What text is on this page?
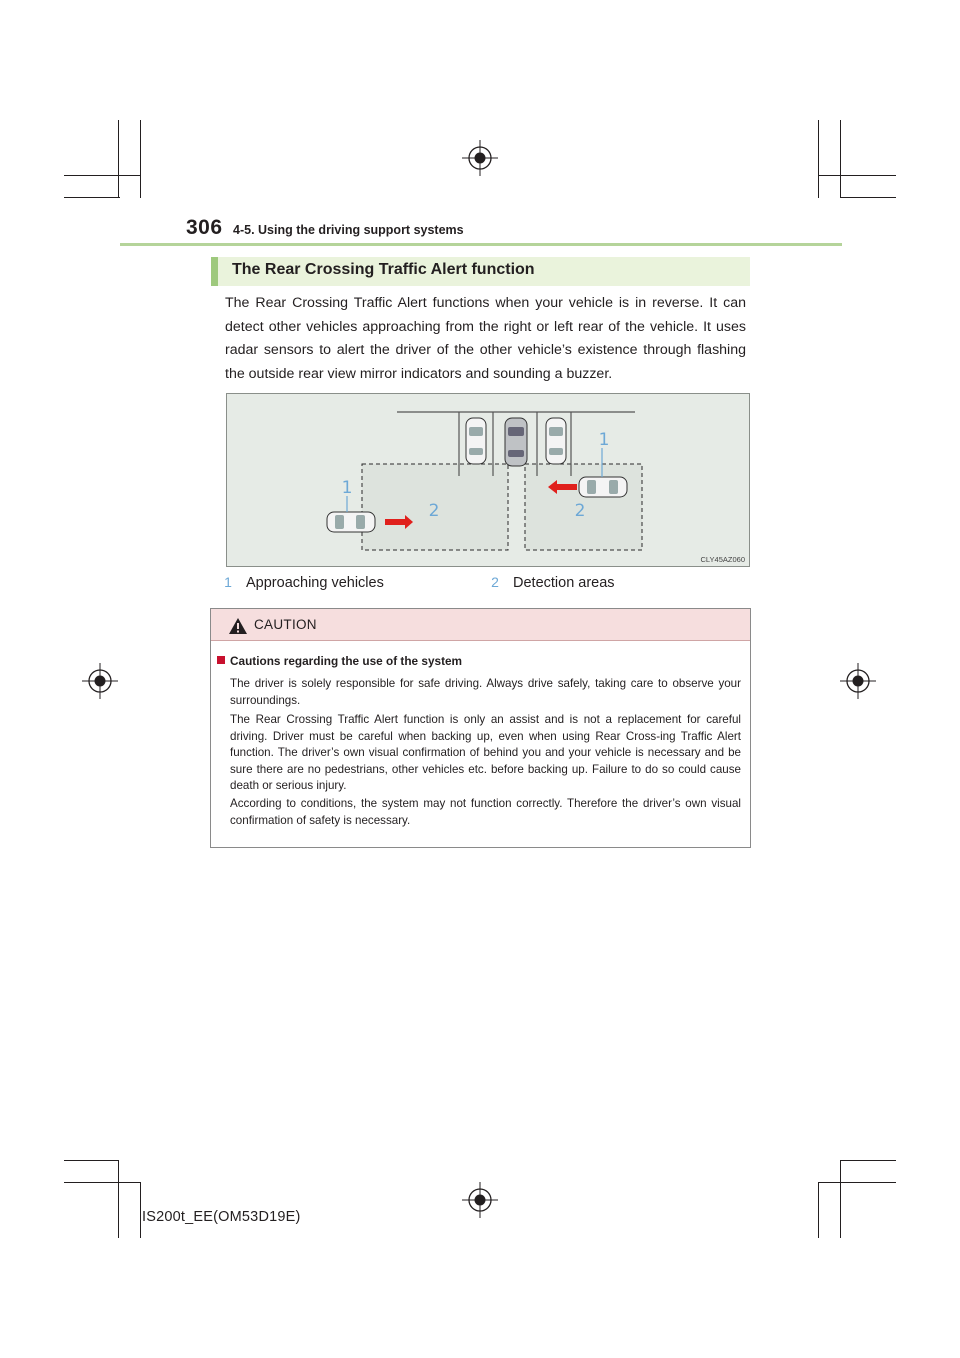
306 4-5. Using the driving support systems
The Rear Crossing Traffic Alert function
The Rear Crossing Traffic Alert functions when your vehicle is in reverse. It can detect other vehicles approaching from the right or left rear of the vehicle. It uses radar sensors to alert the driver of the other vehicle’s existence through flashing the outside rear view mirror indicators and sounding a buzzer.
1
1
2	2
CLY45AZ060
1 Approaching vehicles	2 Detection areas
CAUTION
Cautions regarding the use of the system
The driver is solely responsible for safe driving. Always drive safely, taking care to observe your surroundings.
The Rear Crossing Traffic Alert function is only an assist and is not a replacement for careful driving. Driver must be careful when backing up, even when using Rear Cross-ing Traffic Alert function. The driver’s own visual confirmation of behind you and your vehicle is necessary and be sure there are no pedestrians, other vehicles etc. before backing up. Failure to do so could cause death or serious injury.
According to conditions, the system may not function correctly. Therefore the driver’s own visual confirmation of safety is necessary.
IS200t_EE(OM53D19E)
